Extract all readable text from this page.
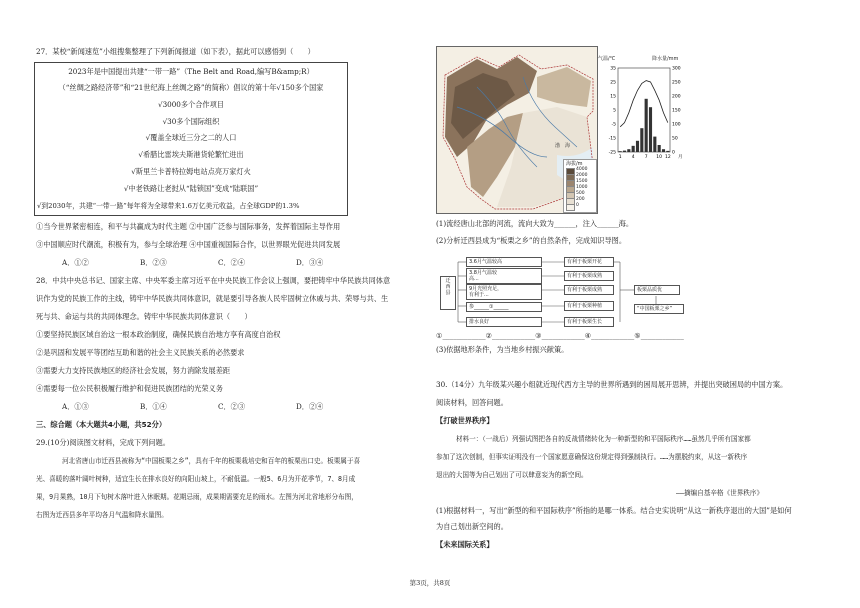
27．某校“新闻速览”小组搜集整理了下列新闻报道（如下表），据此可以感悟到（　　）
2023年是中国提出共建“一带一路”（The Belt and Road,编写B&amp;R）
（“丝绸之路经济带”和“21世纪海上丝绸之路”的简称）倡议的第十年√150多个国家
√3000多个合作项目
√30多个国际组织
√覆盖全球近三分之二的人口
√希腊比雷埃夫斯港货轮繁忙进出
√斯里兰卡普特拉姆电站点亮万家灯火
√中老铁路让老挝从“陆锁国”变成“陆联国”
√到2030年，共建“一带一路”每年将为全球带来1.6万亿美元收益，占全球GDP的1.3%
①当今世界紧密相连，和平与共赢成为时代主题 ②中国广泛参与国际事务，发挥着国际主导作用
③中国顺应时代潮流，积极有为，参与全球治理 ④中国重视国际合作，以世界眼光促进共同发展
A．①②	B．②③	C．②④	D．③④
28．中共中央总书记、国家主席、中央军委主席习近平在中央民族工作会议上强调，要把铸牢中华民族共同体意
识作为党的民族工作的主线，铸牢中华民族共同体意识，就是要引导各族人民牢固树立休戚与共、荣辱与共、生
死与共、命运与共的共同体理念。铸牢中华民族共同体意识（　　）
①要坚持民族区域自治这一根本政治制度，确保民族自治地方享有高度自治权
②是巩固和发展平等团结互助和谐的社会主义民族关系的必然要求
③需要大力支持民族地区的经济社会发展，努力消除发展差距
④需要每一位公民积极履行维护和促进民族团结的光荣义务
A．①③	B．①④	C．②③	D．②④
三、综合题（本大题共4小题，共52分）
29.(10分)阅读图文材料，完成下列问题。
河北省唐山市迁西县被称为“中国板栗之乡”，具有千年的板栗栽培史和百年的板栗出口史。板栗属于喜
光、喜暖的落叶阔叶树种，适宜生长在排水良好的向阳山坡上，不耐低温。一般5、6月为开花季节，7、8月成
果，9月果熟，10月下旬树木落叶进入休眠期。花期忌雨，成果期需要充足的雨水。左图为河北省地形分布图，
右图为迁西县多年平均各月气温和降水量图。
渤　海
海拔/m
4000
2000
1500
1000
500
200
0
35
25
15
5
-5
-15
-25
300
250
200
150
100
50
0
1 4 7 10 12 月
气温/℃	降水量/mm
(1)流经唐山北部的河流，流向大致为______，注入______海。
(2)分析迁西县成为“板栗之乡”的自然条件，完成知识导图。
迁
西
县
3.6月气温较高
3.8月气温较
高...
9月光照充足，
有利于...
参______①______
排水良好
有利于板栗开花
有利于板栗成熟
有利于板栗成熟
有利于板栗种植
有利于板栗生长
板栗品质优
“中国板栗之乡”
①____________②____________③____________④____________⑤____________
(3)依据地形条件，为当地乡村振兴献策。
30.（14分）九年级某兴趣小组就近现代西方主导的世界所遇到的困局展开思辨，并提出突破困局的中国方案。
阅读材料，回答问题。
【打破世界秩序】
材料一：（一战后）列强试图把各自的反战情绪转化为一种新型的和平国际秩序……虽然几乎所有国家都
参加了这次创制，但事实证明没有一个国家愿意确保这份规定得到强制执行。……为摆脱约束，从这一新秩序
退出的大国等为自己划出了可以肆意妄为的新空间。
——摘编自基辛格《世界秩序》
(1)根据材料一，写出“新型的和平国际秩序”所指的是哪一体系。结合史实说明“从这一新秩序退出的大国”是如何
为自己划出新空间的。
【未来国际关系】
第3页，共8页
